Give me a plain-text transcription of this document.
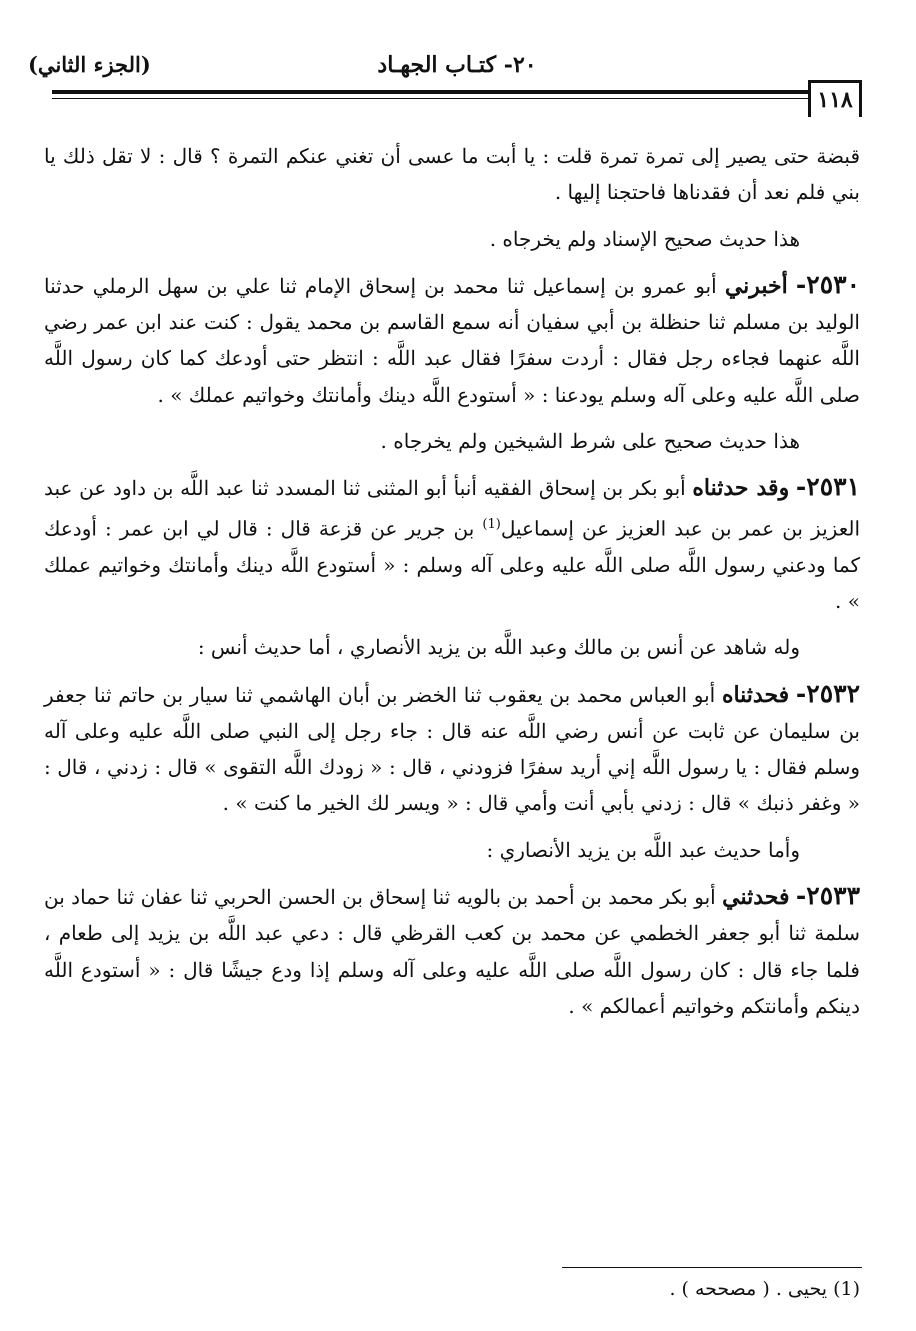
٢٠- كتـاب الجهـاد
(الجزء الثاني)
١١٨

قبضة حتى يصير إلى تمرة تمرة قلت : يا أبت ما عسى أن تغني عنكم التمرة ؟ قال : لا تقل ذلك يا بني فلم نعد أن فقدناها فاحتجنا إليها .

هذا حديث صحيح الإسناد ولم يخرجاه .

٢٥٣٠- أخبرني أبو عمرو بن إسماعيل ثنا محمد بن إسحاق الإمام ثنا علي بن سهل الرملي حدثنا الوليد بن مسلم ثنا حنظلة بن أبي سفيان أنه سمع القاسم بن محمد يقول : كنت عند ابن عمر رضي اللَّه عنهما فجاءه رجل فقال : أردت سفرًا فقال عبد اللَّه : انتظر حتى أودعك كما كان رسول اللَّه صلى اللَّه عليه وعلى آله وسلم يودعنا : « أستودع اللَّه دينك وأمانتك وخواتيم عملك » .

هذا حديث صحيح على شرط الشيخين ولم يخرجاه .

٢٥٣١- وقد حدثناه أبو بكر بن إسحاق الفقيه أنبأ أبو المثنى ثنا المسدد ثنا عبد اللَّه بن داود عن عبد العزيز بن عمر بن عبد العزيز عن إسماعيل$^{(1)}$ بن جرير عن قزعة قال : قال لي ابن عمر : أودعك كما ودعني رسول اللَّه صلى اللَّه عليه وعلى آله وسلم : « أستودع اللَّه دينك وأمانتك وخواتيم عملك » .

وله شاهد عن أنس بن مالك وعبد اللَّه بن يزيد الأنصاري ، أما حديث أنس :

٢٥٣٢- فحدثناه أبو العباس محمد بن يعقوب ثنا الخضر بن أبان الهاشمي ثنا سيار بن حاتم ثنا جعفر بن سليمان عن ثابت عن أنس رضي اللَّه عنه قال : جاء رجل إلى النبي صلى اللَّه عليه وعلى آله وسلم فقال : يا رسول اللَّه إني أريد سفرًا فزودني ، قال : « زودك اللَّه التقوى » قال : زدني ، قال : « وغفر ذنبك » قال : زدني بأبي أنت وأمي قال : « ويسر لك الخير ما كنت » .

وأما حديث عبد اللَّه بن يزيد الأنصاري :

٢٥٣٣- فحدثني أبو بكر محمد بن أحمد بن بالويه ثنا إسحاق بن الحسن الحربي ثنا عفان ثنا حماد بن سلمة ثنا أبو جعفر الخطمي عن محمد بن كعب القرظي قال : دعي عبد اللَّه بن يزيد إلى طعام ، فلما جاء قال : كان رسول اللَّه صلى اللَّه عليه وعلى آله وسلم إذا ودع جيشًا قال : « أستودع اللَّه دينكم وأمانتكم وخواتيم أعمالكم » .

(1) يحيى . ( مصححه ) .
